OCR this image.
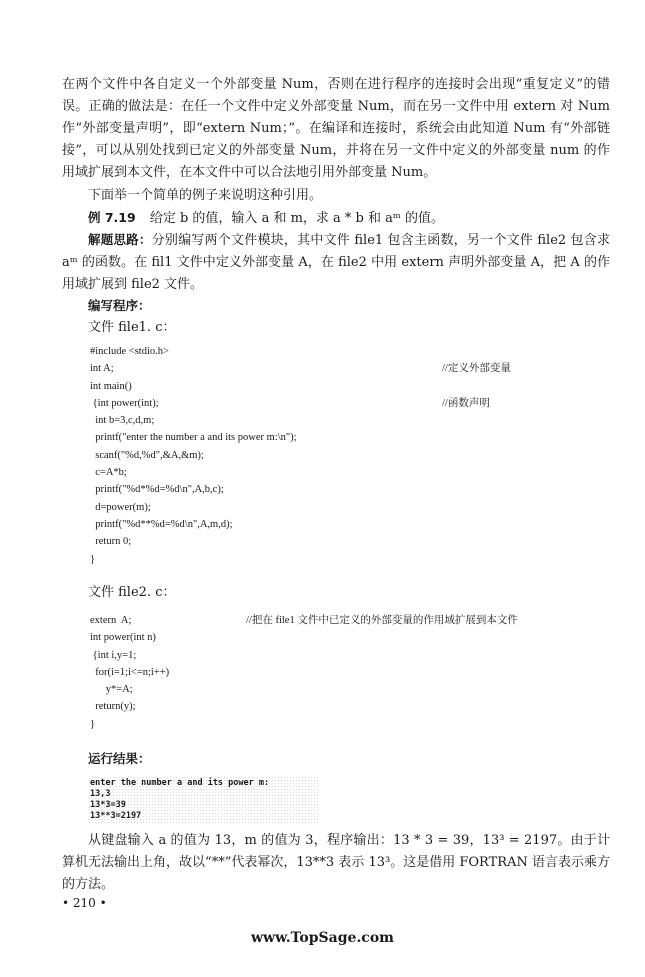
在两个文件中各自定义一个外部变量 Num，否则在进行程序的连接时会出现“重复定义”的错误。正确的做法是：在任一个文件中定义外部变量 Num，而在另一文件中用 extern 对 Num 作“外部变量声明”，即“extern Num；”。在编译和连接时，系统会由此知道 Num 有“外部链接”，可以从别处找到已定义的外部变量 Num，并将在另一文件中定义的外部变量 num 的作用域扩展到本文件，在本文件中可以合法地引用外部变量 Num。

下面举一个简单的例子来说明这种引用。

例 7.19 给定 b 的值，输入 a 和 m，求 a * b 和 aᵐ 的值。

解题思路：分别编写两个文件模块，其中文件 file1 包含主函数，另一个文件 file2 包含求 aᵐ 的函数。在 fil1 文件中定义外部变量 A，在 file2 中用 extern 声明外部变量 A，把 A 的作用域扩展到 file2 文件。

编写程序：
文件 file1. c：
#include <stdio.h>
int A;	//定义外部变量
int main()
{int power(int);	//函数声明
int b=3,c,d,m;
printf("enter the number a and its power m:\n");
scanf("%d,%d",&A,&m);
c=A*b;
printf("%d*%d=%d\n",A,b,c);
d=power(m);
printf("%d**%d=%d\n",A,m,d);
return 0;
}
文件 file2. c：
extern  A;	//把在 file1 文件中已定义的外部变量的作用域扩展到本文件
int power(int n)
{int i,y=1;
for(i=1;i<=n;i++)
y*=A;
return(y);
}
运行结果：
enter the number a and its power m:
13,3
13*3=39
13**3=2197

从键盘输入 a 的值为 13，m 的值为 3，程序输出：13 * 3 = 39，13³ = 2197。由于计算机无法输出上角，故以“**”代表幂次，13**3 表示 13³。这是借用 FORTRAN 语言表示乘方的方法。

• 210 •
www.TopSage.com
